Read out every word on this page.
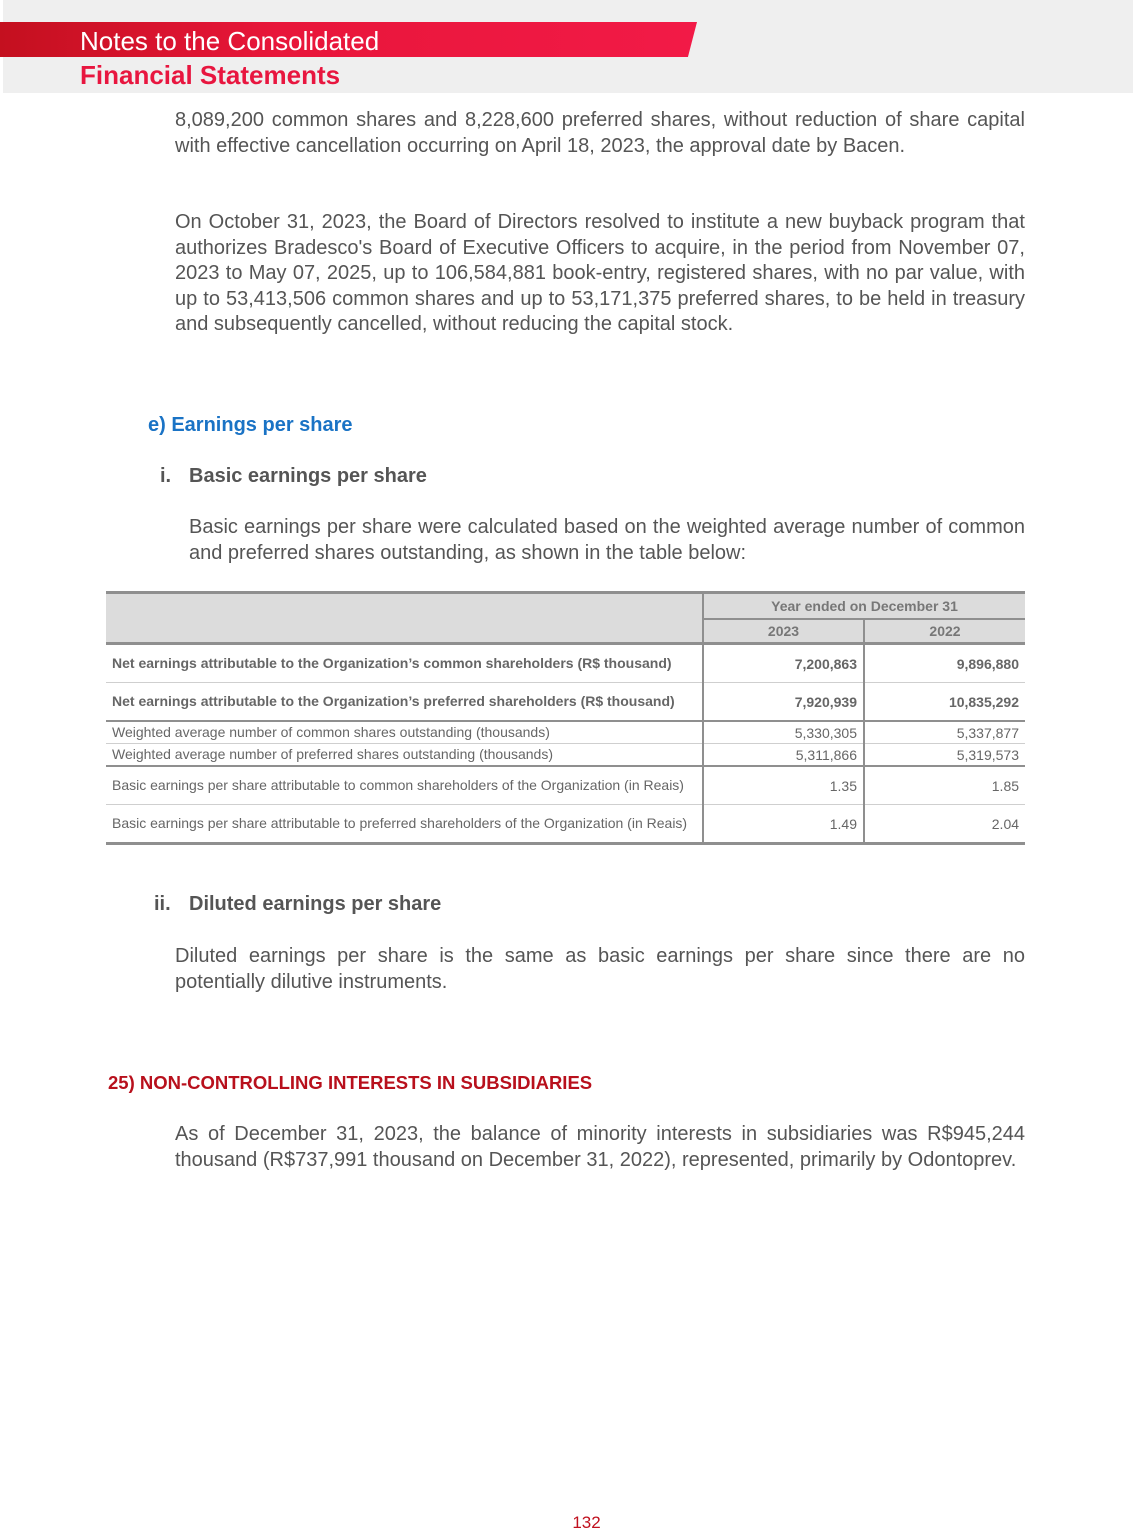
Notes to the Consolidated
Financial Statements

8,089,200 common shares and 8,228,600 preferred shares, without reduction of share capital with effective cancellation occurring on April 18, 2023, the approval date by Bacen.

On October 31, 2023, the Board of Directors resolved to institute a new buyback program that authorizes Bradesco's Board of Executive Officers to acquire, in the period from November 07, 2023 to May 07, 2025, up to 106,584,881 book-entry, registered shares, with no par value, with up to 53,413,506 common shares and up to 53,171,375 preferred shares, to be held in treasury and subsequently cancelled, without reducing the capital stock.

e) Earnings per share
i. Basic earnings per share

Basic earnings per share were calculated based on the weighted average number of common and preferred shares outstanding, as shown in the table below:

	Year ended on December 31	
	2023	2022
Net earnings attributable to the Organization’s common shareholders (R$ thousand)	7,200,863	9,896,880
Net earnings attributable to the Organization’s preferred shareholders (R$ thousand)	7,920,939	10,835,292
Weighted average number of common shares outstanding (thousands)	5,330,305	5,337,877
Weighted average number of preferred shares outstanding (thousands)	5,311,866	5,319,573
Basic earnings per share attributable to common shareholders of the Organization (in Reais)	1.35	1.85
Basic earnings per share attributable to preferred shareholders of the Organization (in Reais)	1.49	2.04
ii. Diluted earnings per share

Diluted earnings per share is the same as basic earnings per share since there are no potentially dilutive instruments.

25) NON-CONTROLLING INTERESTS IN SUBSIDIARIES

As of December 31, 2023, the balance of minority interests in subsidiaries was R$945,244 thousand (R$737,991 thousand on December 31, 2022), represented, primarily by Odontoprev.

132
